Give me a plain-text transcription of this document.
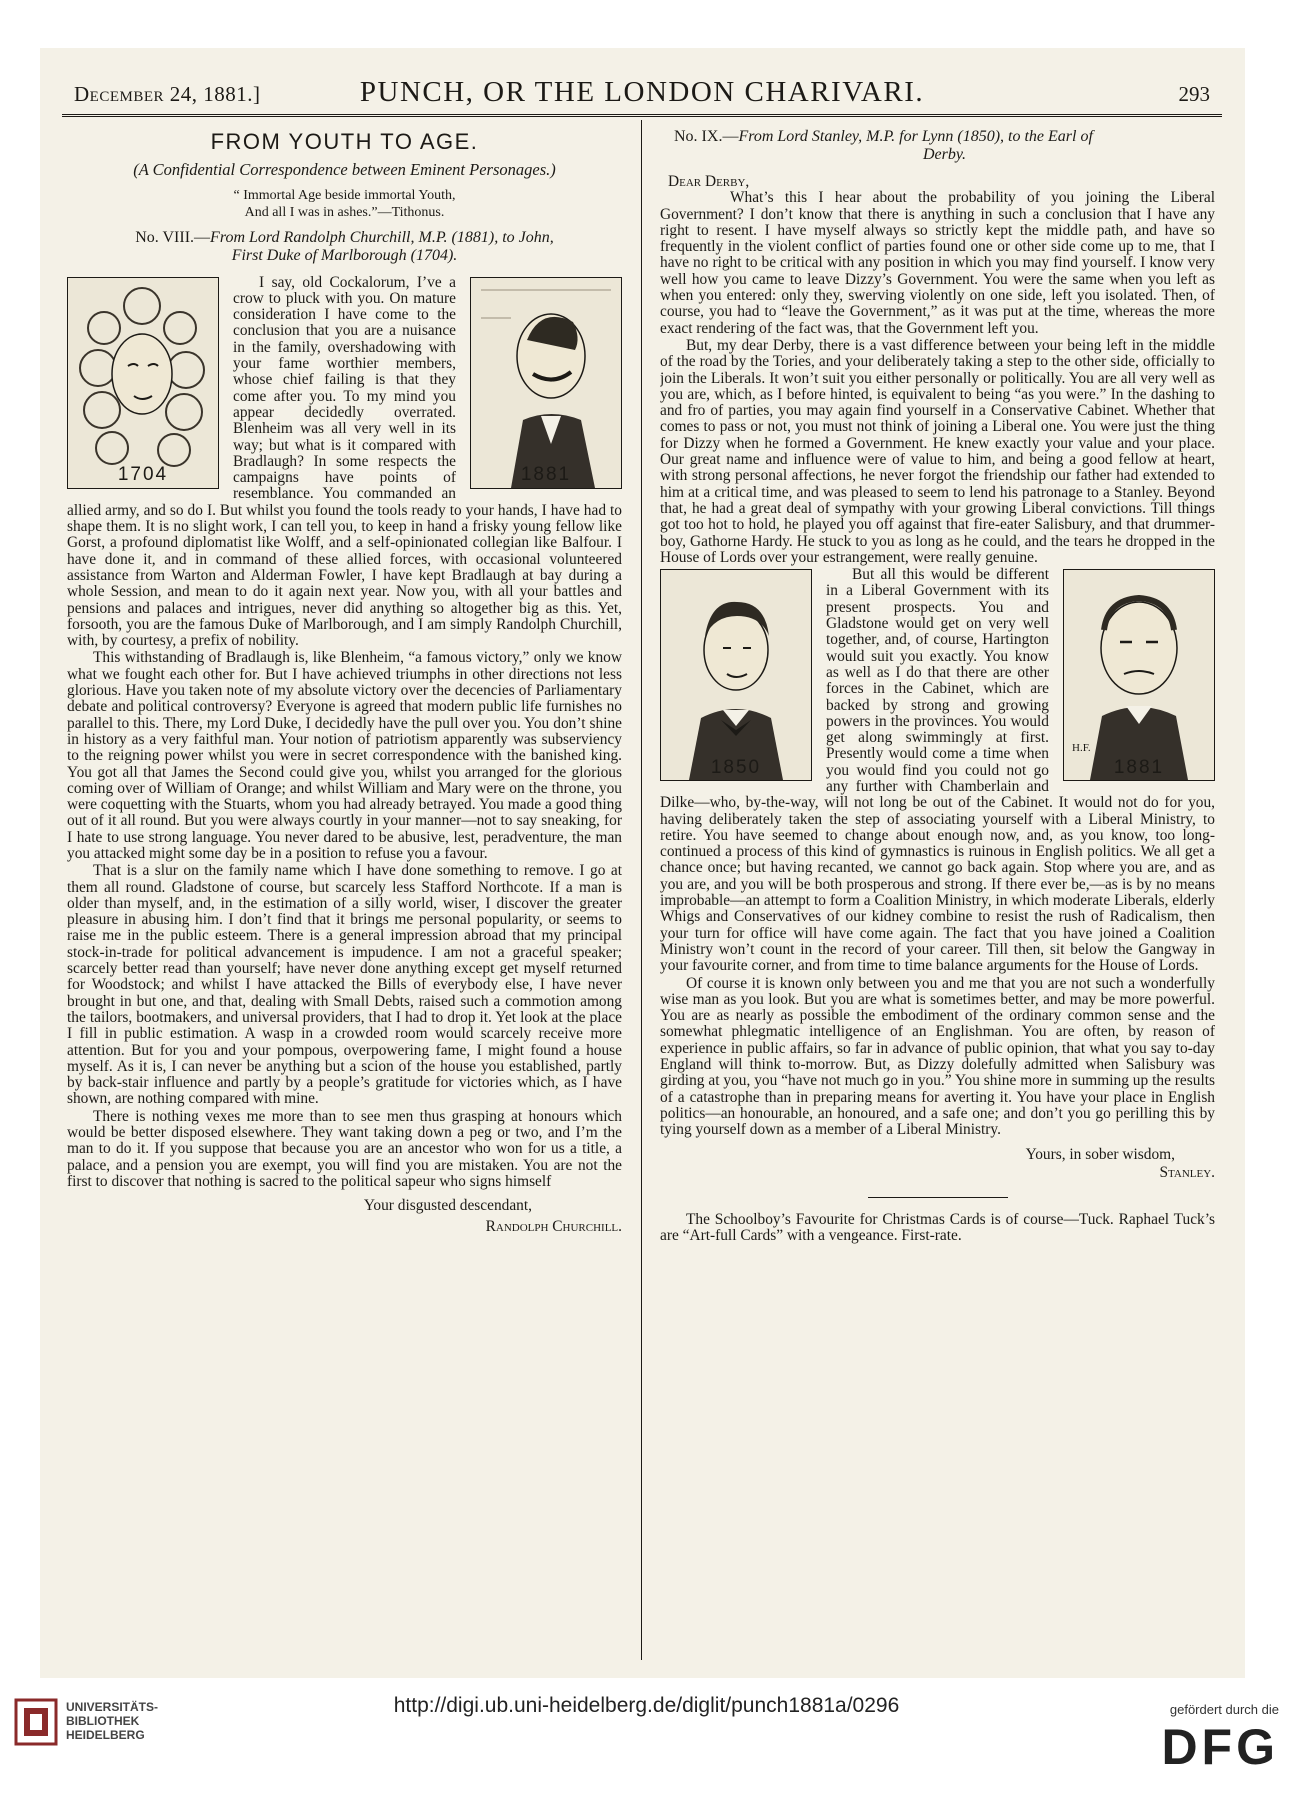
December 24, 1881.]	PUNCH, OR THE LONDON CHARIVARI.	293
FROM YOUTH TO AGE.
(A Confidential Correspondence between Eminent Personages.)
“ Immortal Age beside immortal Youth,
And all I was in ashes.”—Tithonus.
No. VIII.—From Lord Randolph Churchill, M.P. (1881), to John,
First Duke of Marlborough (1704).
1881
1704

I say, old Cockalorum, I’ve a crow to pluck with you. On mature consideration I have come to the conclusion that you are a nuisance in the family, overshadowing with your fame worthier members, whose chief failing is that they come after you. To my mind you appear decidedly overrated. Blenheim was all very well in its way; but what is it compared with Bradlaugh? In some respects the campaigns have points of resemblance. You commanded an allied army, and so do I. But whilst you found the tools ready to your hands, I have had to shape them. It is no slight work, I can tell you, to keep in hand a frisky young fellow like Gorst, a profound diplomatist like Wolff, and a self-opinionated collegian like Balfour. I have done it, and in command of these allied forces, with occasional volunteered assistance from Warton and Alderman Fowler, I have kept Bradlaugh at bay during a whole Session, and mean to do it again next year. Now you, with all your battles and pensions and palaces and intrigues, never did anything so altogether big as this. Yet, forsooth, you are the famous Duke of Marlborough, and I am simply Randolph Churchill, with, by courtesy, a prefix of nobility.

This withstanding of Bradlaugh is, like Blenheim, “a famous victory,” only we know what we fought each other for. But I have achieved triumphs in other directions not less glorious. Have you taken note of my absolute victory over the decencies of Parliamentary debate and political controversy? Everyone is agreed that modern public life furnishes no parallel to this. There, my Lord Duke, I decidedly have the pull over you. You don’t shine in history as a very faithful man. Your notion of patriotism apparently was subserviency to the reigning power whilst you were in secret correspondence with the banished king. You got all that James the Second could give you, whilst you arranged for the glorious coming over of William of Orange; and whilst William and Mary were on the throne, you were coquetting with the Stuarts, whom you had already betrayed. You made a good thing out of it all round. But you were always courtly in your manner—not to say sneaking, for I hate to use strong language. You never dared to be abusive, lest, peradventure, the man you attacked might some day be in a position to refuse you a favour.

That is a slur on the family name which I have done something to remove. I go at them all round. Gladstone of course, but scarcely less Stafford Northcote. If a man is older than myself, and, in the estimation of a silly world, wiser, I discover the greater pleasure in abusing him. I don’t find that it brings me personal popularity, or seems to raise me in the public esteem. There is a general impression abroad that my principal stock-in-trade for political advancement is impudence. I am not a graceful speaker; scarcely better read than yourself; have never done anything except get myself returned for Woodstock; and whilst I have attacked the Bills of everybody else, I have never brought in but one, and that, dealing with Small Debts, raised such a commotion among the tailors, bootmakers, and universal providers, that I had to drop it. Yet look at the place I fill in public estimation. A wasp in a crowded room would scarcely receive more attention. But for you and your pompous, overpowering fame, I might found a house myself. As it is, I can never be anything but a scion of the house you established, partly by back-stair influence and partly by a people’s gratitude for victories which, as I have shown, are nothing compared with mine.

There is nothing vexes me more than to see men thus grasping at honours which would be better disposed elsewhere. They want taking down a peg or two, and I’m the man to do it. If you suppose that because you are an ancestor who won for us a title, a palace, and a pension you are exempt, you will find you are mistaken. You are not the first to discover that nothing is sacred to the political sapeur who signs himself

Your disgusted descendant,
Randolph Churchill.
No. IX.—From Lord Stanley, M.P. for Lynn (1850), to the Earl of

Derby.
Dear Derby,

What’s this I hear about the probability of you joining the Liberal Government? I don’t know that there is anything in such a conclusion that I have any right to resent. I have myself always so strictly kept the middle path, and have so frequently in the violent conflict of parties found one or other side come up to me, that I have no right to be critical with any position in which you may find yourself. I know very well how you came to leave Dizzy’s Government. You were the same when you left as when you entered: only they, swerving violently on one side, left you isolated. Then, of course, you had to “leave the Government,” as it was put at the time, whereas the more exact rendering of the fact was, that the Government left you.

But, my dear Derby, there is a vast difference between your being left in the middle of the road by the Tories, and your deliberately taking a step to the other side, officially to join the Liberals. It won’t suit you either personally or politically. You are all very well as you are, which, as I before hinted, is equivalent to being “as you were.” In the dashing to and fro of parties, you may again find yourself in a Conservative Cabinet. Whether that comes to pass or not, you must not think of joining a Liberal one. You were just the thing for Dizzy when he formed a Government. He knew exactly your value and your place. Our great name and influence were of value to him, and being a good fellow at heart, with strong personal affections, he never forgot the friendship our father had extended to him at a critical time, and was pleased to seem to lend his patronage to a Stanley. Beyond that, he had a great deal of sympathy with your growing Liberal convictions. Till things got too hot to hold, he played you off against that fire-eater Salisbury, and that drummer-boy, Gathorne Hardy. He stuck to you as long as he could, and the tears he dropped in the House of Lords over your estrangement, were really genuine.

1850
H.F.
1881

But all this would be different in a Liberal Government with its present prospects. You and Gladstone would get on very well together, and, of course, Hartington would suit you exactly. You know as well as I do that there are other forces in the Cabinet, which are backed by strong and growing powers in the provinces. You would get along swimmingly at first. Presently would come a time when you would find you could not go any further with Chamberlain and Dilke—who, by-the-way, will not long be out of the Cabinet. It would not do for you, having deliberately taken the step of associating yourself with a Liberal Ministry, to retire. You have seemed to change about enough now, and, as you know, too long-continued a process of this kind of gymnastics is ruinous in English politics. We all get a chance once; but having recanted, we cannot go back again. Stop where you are, and as you are, and you will be both prosperous and strong. If there ever be,—as is by no means improbable—an attempt to form a Coalition Ministry, in which moderate Liberals, elderly Whigs and Conservatives of our kidney combine to resist the rush of Radicalism, then your turn for office will have come again. The fact that you have joined a Coalition Ministry won’t count in the record of your career. Till then, sit below the Gangway in your favourite corner, and from time to time balance arguments for the House of Lords.

Of course it is known only between you and me that you are not such a wonderfully wise man as you look. But you are what is sometimes better, and may be more powerful. You are as nearly as possible the embodiment of the ordinary common sense and the somewhat phlegmatic intelligence of an Englishman. You are often, by reason of experience in public affairs, so far in advance of public opinion, that what you say to-day England will think to-morrow. But, as Dizzy dolefully admitted when Salisbury was girding at you, you “have not much go in you.” You shine more in summing up the results of a catastrophe than in preparing means for averting it. You have your place in English politics—an honourable, an honoured, and a safe one; and don’t you go perilling this by tying yourself down as a member of a Liberal Ministry.

Yours, in sober wisdom,
Stanley.

The Schoolboy’s Favourite for Christmas Cards is of course—Tuck. Raphael Tuck’s are “Art-full Cards” with a vengeance. First-rate.

UNIVERSITÄTS-
BIBLIOTHEK
HEIDELBERG
http://digi.ub.uni-heidelberg.de/diglit/punch1881a/0296	gefördert durch die
DFG
